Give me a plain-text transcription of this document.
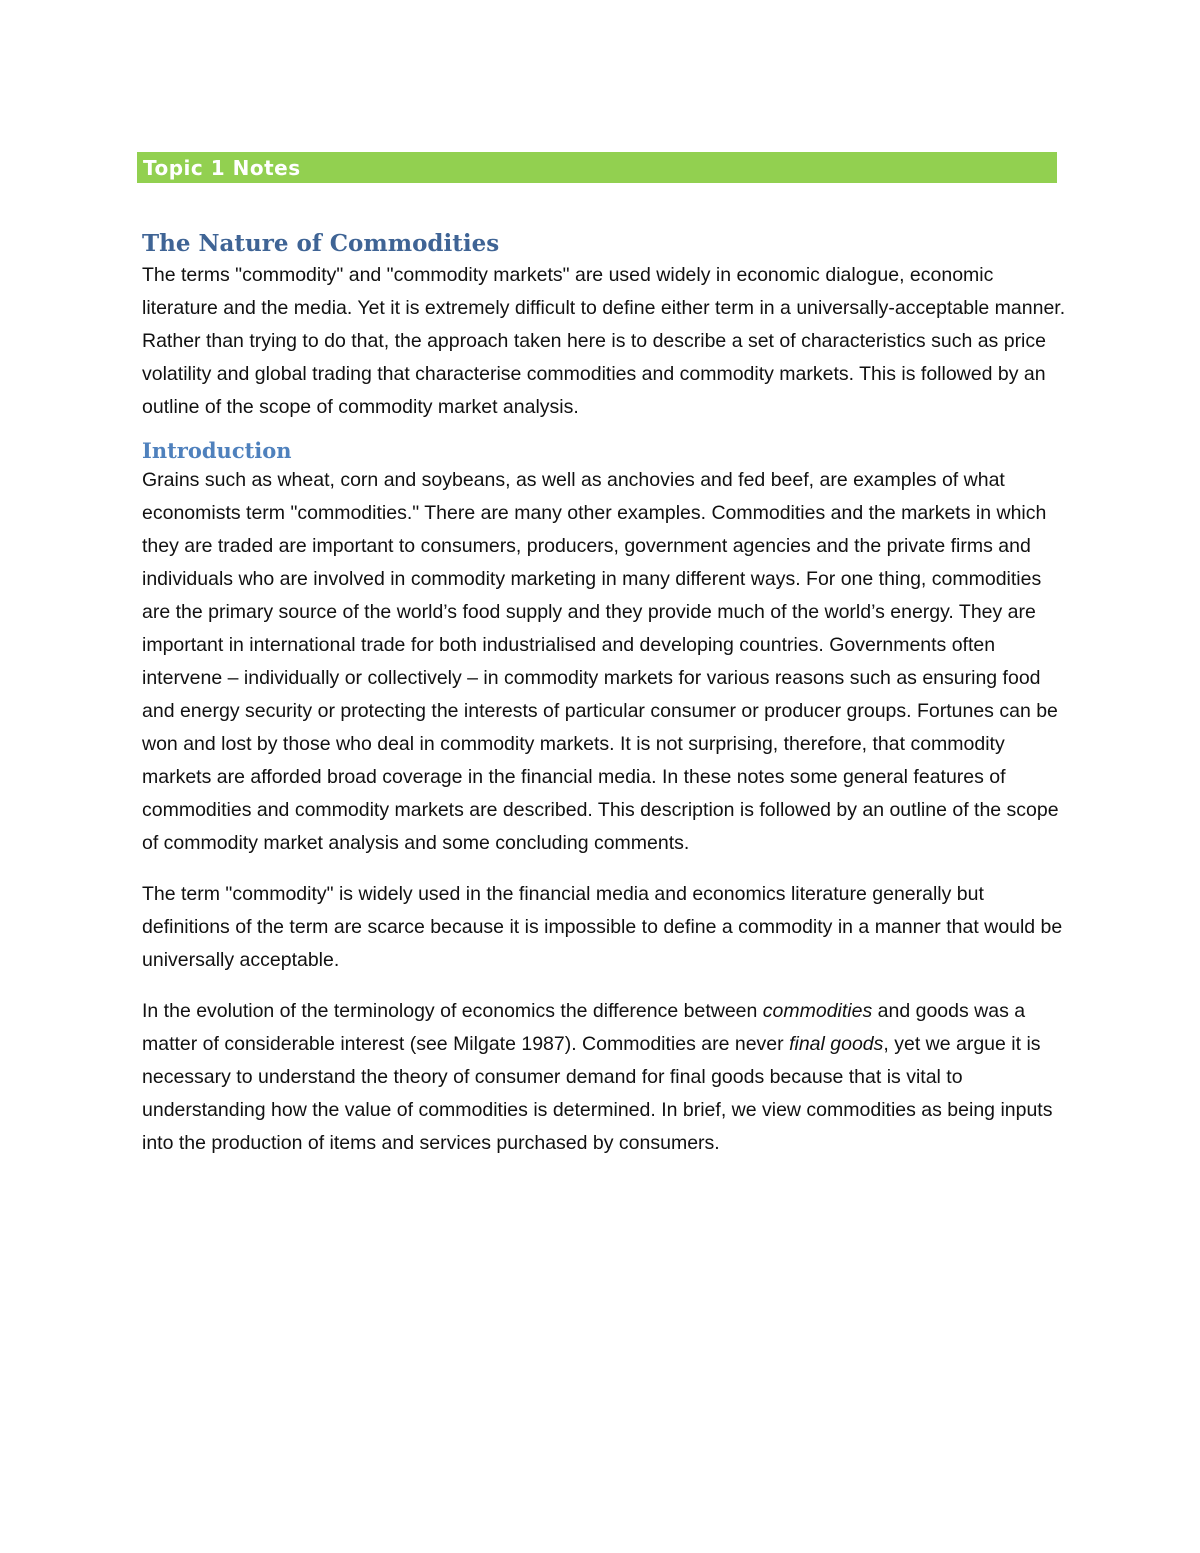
Topic 1 Notes
The Nature of Commodities

The terms "commodity" and "commodity markets" are used widely in economic dialogue, economic literature and the media. Yet it is extremely difficult to define either term in a universally-acceptable manner. Rather than trying to do that, the approach taken here is to describe a set of characteristics such as price volatility and global trading that characterise commodities and commodity markets. This is followed by an outline of the scope of commodity market analysis.

Introduction

Grains such as wheat, corn and soybeans, as well as anchovies and fed beef, are examples of what economists term "commodities." There are many other examples. Commodities and the markets in which they are traded are important to consumers, producers, government agencies and the private firms and individuals who are involved in commodity marketing in many different ways. For one thing, commodities are the primary source of the world’s food supply and they provide much of the world’s energy. They are important in international trade for both industrialised and developing countries. Governments often intervene – individually or collectively – in commodity markets for various reasons such as ensuring food and energy security or protecting the interests of particular consumer or producer groups. Fortunes can be won and lost by those who deal in commodity markets. It is not surprising, therefore, that commodity markets are afforded broad coverage in the financial media. In these notes some general features of commodities and commodity markets are described. This description is followed by an outline of the scope of commodity market analysis and some concluding comments.

The term "commodity" is widely used in the financial media and economics literature generally but definitions of the term are scarce because it is impossible to define a commodity in a manner that would be universally acceptable.

In the evolution of the terminology of economics the difference between commodities and goods was a matter of considerable interest (see Milgate 1987). Commodities are never final goods, yet we argue it is necessary to understand the theory of consumer demand for final goods because that is vital to understanding how the value of commodities is determined. In brief, we view commodities as being inputs into the production of items and services purchased by consumers.
